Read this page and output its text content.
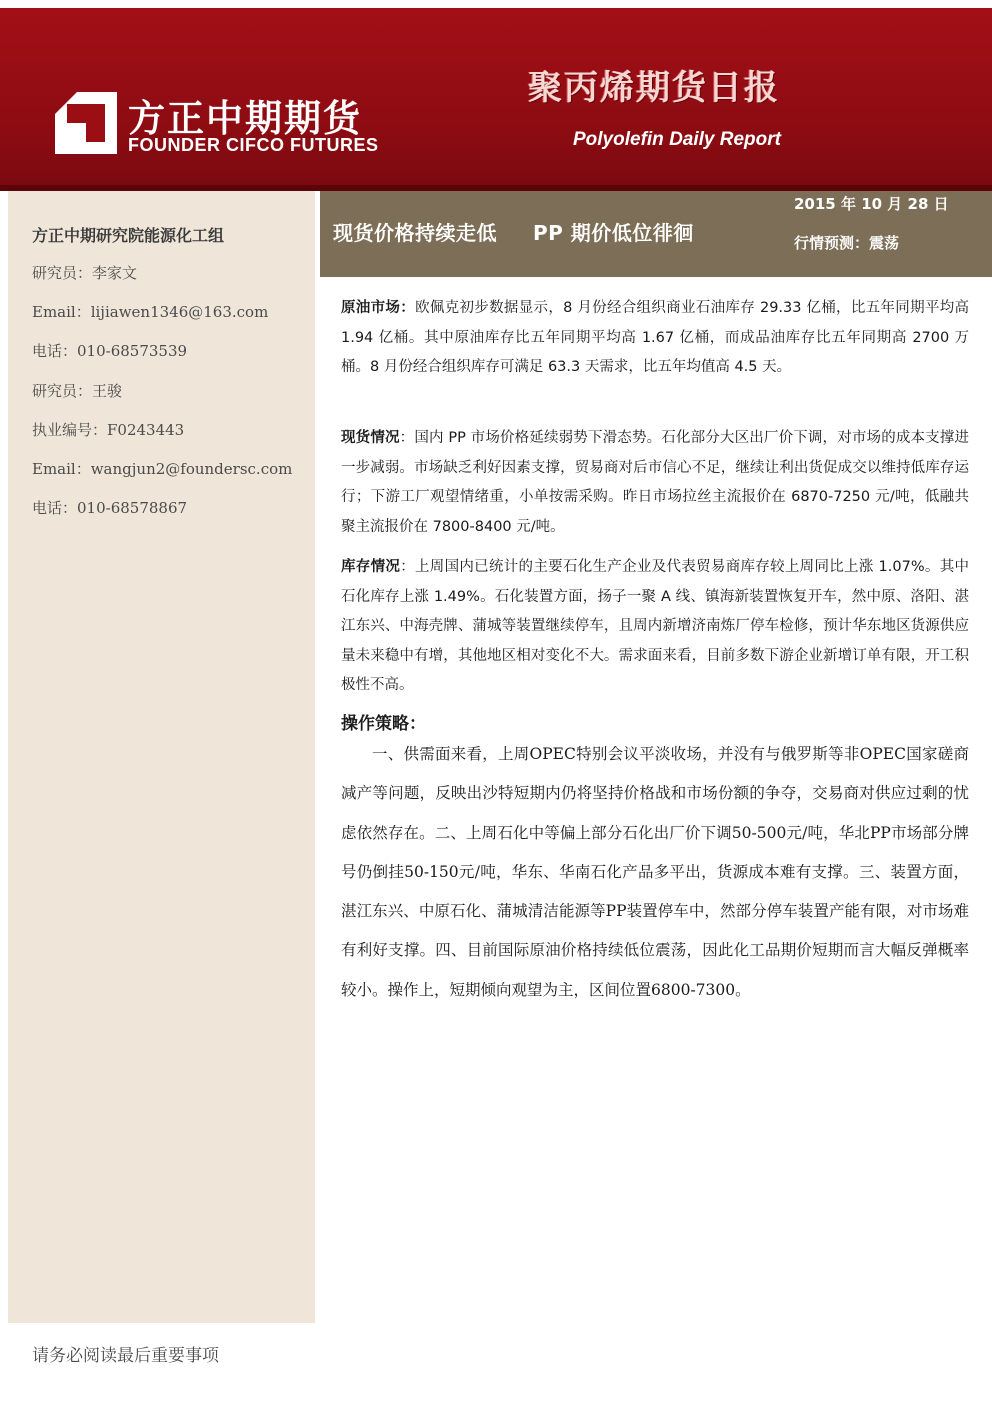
方正中期期货
FOUNDER CIFCO FUTURES
聚丙烯期货日报
Polyolefin Daily Report
方正中期研究院能源化工组
研究员：李家文
Email：lijiawen1346@163.com
电话：010-68573539
研究员：王骏
执业编号：F0243443
Email：wangjun2@foundersc.com
电话：010-68578867
现货价格持续走低 PP 期价低位徘徊
2015 年 10 月 28 日
行情预测：震荡

原油市场：欧佩克初步数据显示，8 月份经合组织商业石油库存 29.33 亿桶，比五年同期平均高 1.94 亿桶。其中原油库存比五年同期平均高 1.67 亿桶，而成品油库存比五年同期高 2700 万桶。8 月份经合组织库存可满足 63.3 天需求，比五年均值高 4.5 天。

现货情况：国内 PP 市场价格延续弱势下滑态势。石化部分大区出厂价下调，对市场的成本支撑进一步减弱。市场缺乏利好因素支撑，贸易商对后市信心不足，继续让利出货促成交以维持低库存运行；下游工厂观望情绪重，小单按需采购。昨日市场拉丝主流报价在 6870-7250 元/吨，低融共聚主流报价在 7800-8400 元/吨。

库存情况：上周国内已统计的主要石化生产企业及代表贸易商库存较上周同比上涨 1.07%。其中石化库存上涨 1.49%。石化装置方面，扬子一聚 A 线、镇海新装置恢复开车，然中原、洛阳、湛江东兴、中海壳牌、蒲城等装置继续停车，且周内新增济南炼厂停车检修，预计华东地区货源供应量未来稳中有增，其他地区相对变化不大。需求面来看，目前多数下游企业新增订单有限，开工积极性不高。

操作策略：

一、供需面来看，上周OPEC特别会议平淡收场，并没有与俄罗斯等非OPEC国家磋商减产等问题，反映出沙特短期内仍将坚持价格战和市场份额的争夺，交易商对供应过剩的忧虑依然存在。二、上周石化中等偏上部分石化出厂价下调50-500元/吨，华北PP市场部分牌号仍倒挂50-150元/吨，华东、华南石化产品多平出，货源成本难有支撑。三、装置方面，湛江东兴、中原石化、蒲城清洁能源等PP装置停车中，然部分停车装置产能有限，对市场难有利好支撑。四、目前国际原油价格持续低位震荡，因此化工品期价短期而言大幅反弹概率较小。操作上，短期倾向观望为主，区间位置6800-7300。

请务必阅读最后重要事项
